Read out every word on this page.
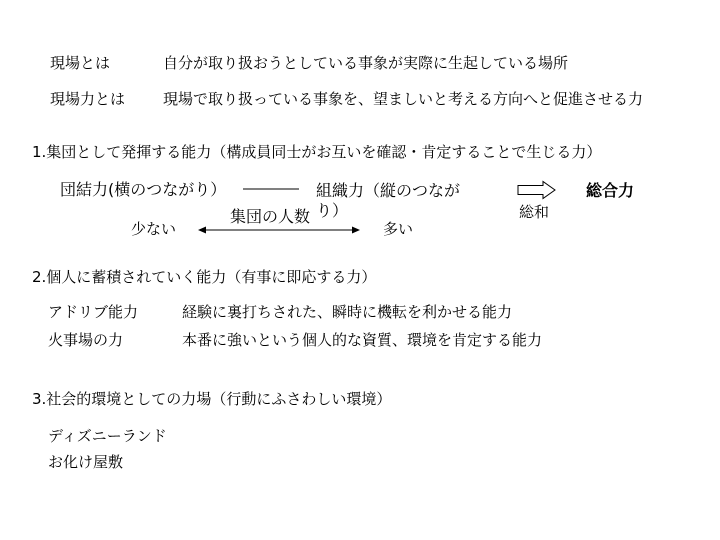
現場とは	自分が取り扱おうとしている事象が実際に生起している場所
現場力とは	現場で取り扱っている事象を、望ましいと考える方向へと促進させる力
1.集団として発揮する能力（構成員同士がお互いを確認・肯定することで生じる力）
団結力(横のつながり）	組織力（縦のつなが
り）	総和
総合力
集団の人数
少ない	多い
2.個人に蓄積されていく能力（有事に即応する力）
アドリブ能力	経験に裏打ちされた、瞬時に機転を利かせる能力
火事場の力	本番に強いという個人的な資質、環境を肯定する能力
3.社会的環境としての力場（行動にふさわしい環境）
ディズニーランド
お化け屋敷
